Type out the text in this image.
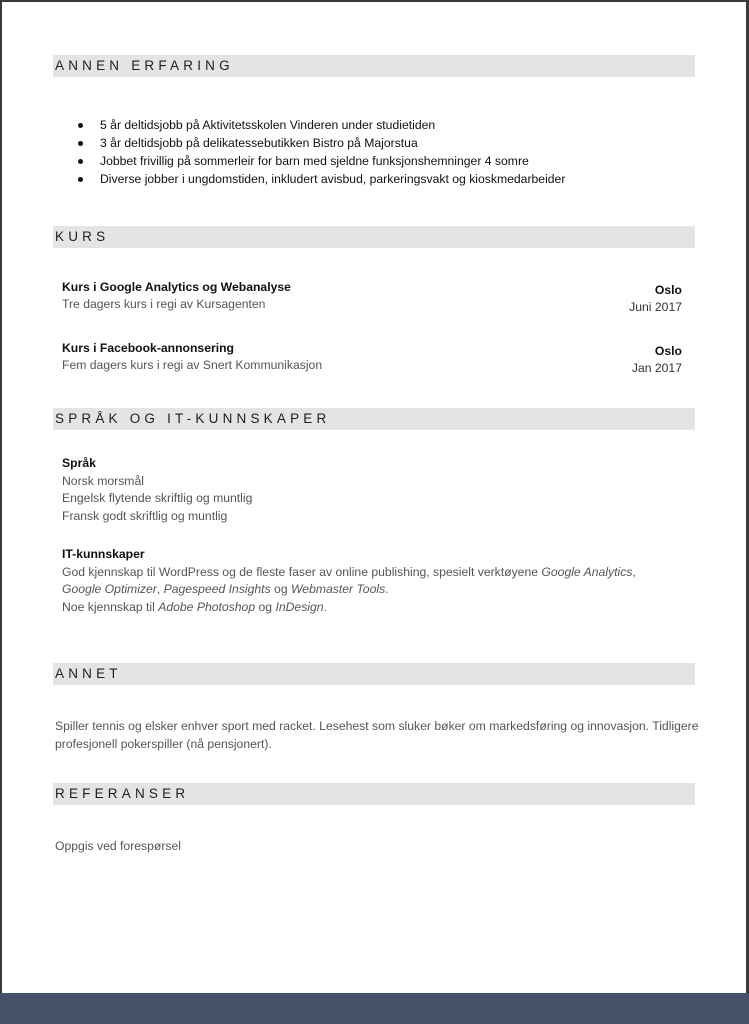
ANNEN ERFARING
5 år deltidsjobb på Aktivitetsskolen Vinderen under studietiden
3 år deltidsjobb på delikatessebutikken Bistro på Majorstua
Jobbet frivillig på sommerleir for barn med sjeldne funksjonshemninger 4 somre
Diverse jobber i ungdomstiden, inkludert avisbud, parkeringsvakt og kioskmedarbeider
KURS
Kurs i Google Analytics og Webanalyse
Tre dagers kurs i regi av Kursagenten
Oslo
Juni 2017
Kurs i Facebook-annonsering
Fem dagers kurs i regi av Snert Kommunikasjon
Oslo
Jan 2017
SPRÅK OG IT-KUNNSKAPER
Språk
Norsk morsmål
Engelsk flytende skriftlig og muntlig
Fransk godt skriftlig og muntlig
IT-kunnskaper
God kjennskap til WordPress og de fleste faser av online publishing, spesielt verktøyene Google Analytics,
Google Optimizer, Pagespeed Insights og Webmaster Tools.
Noe kjennskap til Adobe Photoshop og InDesign.
ANNET
Spiller tennis og elsker enhver sport med racket. Lesehest som sluker bøker om markedsføring og innovasjon. Tidligere profesjonell pokerspiller (nå pensjonert).
REFERANSER
Oppgis ved forespørsel
